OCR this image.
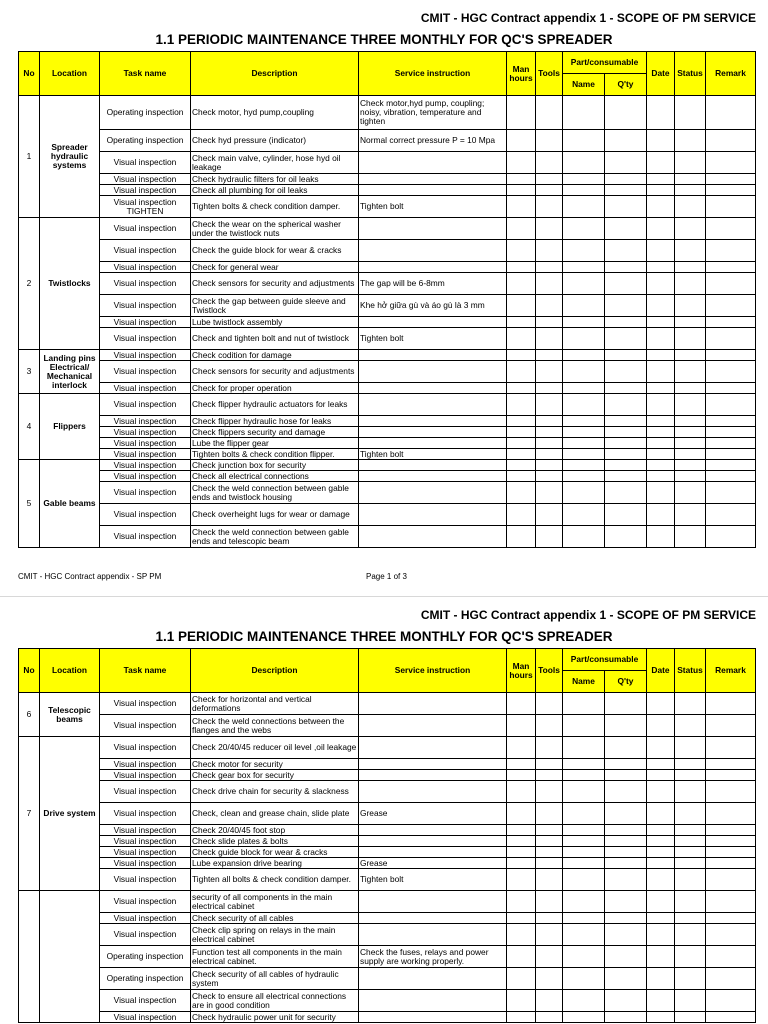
CMIT - HGC Contract appendix 1 - SCOPE OF PM SERVICE
1.1 PERIODIC MAINTENANCE THREE MONTHLY FOR QC'S SPREADER
No	Location	Task name	Description	Service instruction	Man hours	Tools	Part/consumable		Date	Status	Remark
							Name	Q'ty			
1	Spreader hydraulic systems	Operating inspection	Check motor, hyd pump,coupling	Check motor,hyd pump, coupling; noisy, vibration, temperature and tighten							
		Operating inspection	Check hyd pressure (indicator)	Normal correct pressure P = 10 Mpa							
		Visual inspection	Check main valve, cylinder, hose hyd oil leakage								
		Visual inspection	Check hydraulic filters for oil leaks								
		Visual inspection	Check all plumbing for oil leaks								
		Visual inspection TIGHTEN	Tighten bolts & check condition damper.	Tighten bolt							
2	Twistlocks	Visual inspection	Check the wear on the spherical washer under the twistlock nuts								
		Visual inspection	Check the guide block for wear & cracks								
		Visual inspection	Check for general wear								
		Visual inspection	Check sensors for security and adjustments	The gap will be 6-8mm							
		Visual inspection	Check the gap between guide sleeve and Twistlock	Khe hở giữa gù và áo gù là 3 mm							
		Visual inspection	Lube twistlock assembly								
		Visual inspection	Check and tighten bolt and nut of twistlock	Tighten bolt							
3	Landing pins Electrical/ Mechanical interlock	Visual inspection	Check codition for damage								
		Visual inspection	Check sensors for security and adjustments								
		Visual inspection	Check for proper operation								
4	Flippers	Visual inspection	Check flipper hydraulic actuators for leaks								
		Visual inspection	Check flipper hydraulic hose for leaks								
		Visual inspection	Check flippers security and damage								
		Visual inspection	Lube the flipper gear								
		Visual inspection	Tighten bolts & check condition flipper.	Tighten bolt							
5	Gable beams	Visual inspection	Check junction box for security								
		Visual inspection	Check all electrical connections								
		Visual inspection	Check the weld connection between gable ends and twistlock housing								
		Visual inspection	Check overheight lugs for wear or damage								
		Visual inspection	Check the weld connection between gable ends and telescopic beam								
CMIT - HGC Contract appendix - SP PM	Page 1 of 3
CMIT - HGC Contract appendix 1 - SCOPE OF PM SERVICE
1.1 PERIODIC MAINTENANCE THREE MONTHLY FOR QC'S SPREADER
No	Location	Task name	Description	Service instruction	Man hours	Tools	Part/consumable		Date	Status	Remark
							Name	Q'ty			
6	Telescopic beams	Visual inspection	Check for horizontal and vertical deformations								
		Visual inspection	Check the weld connections between the flanges and the webs								
7	Drive system	Visual inspection	Check 20/40/45 reducer oil level ,oil leakage								
		Visual inspection	Check motor for security								
		Visual inspection	Check gear box for security								
		Visual inspection	Check drive chain for security & slackness								
		Visual inspection	Check, clean and grease chain, slide plate	Grease							
		Visual inspection	Check 20/40/45 foot stop								
		Visual inspection	Check slide plates & bolts								
		Visual inspection	Check guide block for wear & cracks								
		Visual inspection	Lube expansion drive bearing	Grease							
		Visual inspection	Tighten all bolts & check condition damper.	Tighten bolt							
		Visual inspection	security of all components in the main electrical cabinet								
		Visual inspection	Check security of all cables								
		Visual inspection	Check clip spring on relays in the main electrical cabinet								
		Operating inspection	Function test all components in the main electrical cabinet.	Check the fuses, relays and power supply are working properly.							
		Operating inspection	Check security of all cables of hydraulic system								
		Visual inspection	Check to ensure all electrical connections are in good condition								
		Visual inspection	Check hydraulic power unit for security								
